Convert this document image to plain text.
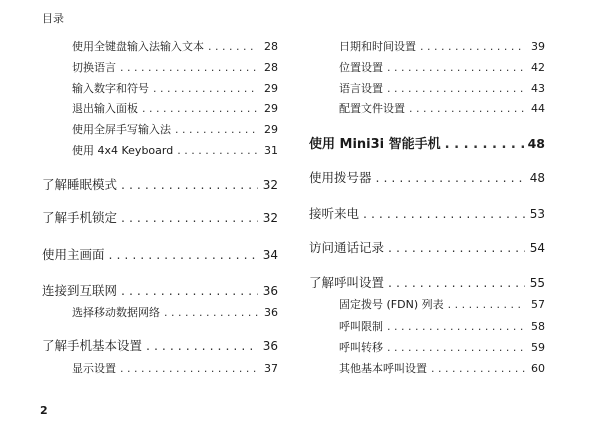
目录
使用全键盘输入法输入文本 . . .	28
切换语言 . . .	28
输入数字和符号 . . .	29
退出输入面板 . . .	29
使用全屏手写输入法 . . .	29
使用 4x4 Keyboard . . .	31
了解睡眠模式 . . .	32
了解手机锁定 . . .	32
使用主画面 . . .	34
连接到互联网 . . .	36
选择移动数据网络 . . .	36
了解手机基本设置 . . .	36
显示设置 . . .	37
日期和时间设置 . . .	39
位置设置 . . .	42
语言设置 . . .	43
配置文件设置 . . .	44
使用 Mini3i 智能手机 . . .	48
使用拨号器 . . .	48
接听来电 . . .	53
访问通话记录 . . .	54
了解呼叫设置 . . .	55
固定拨号 (FDN) 列表 . . .	57
呼叫限制 . . .	58
呼叫转移 . . .	59
其他基本呼叫设置 . . .	60
2
